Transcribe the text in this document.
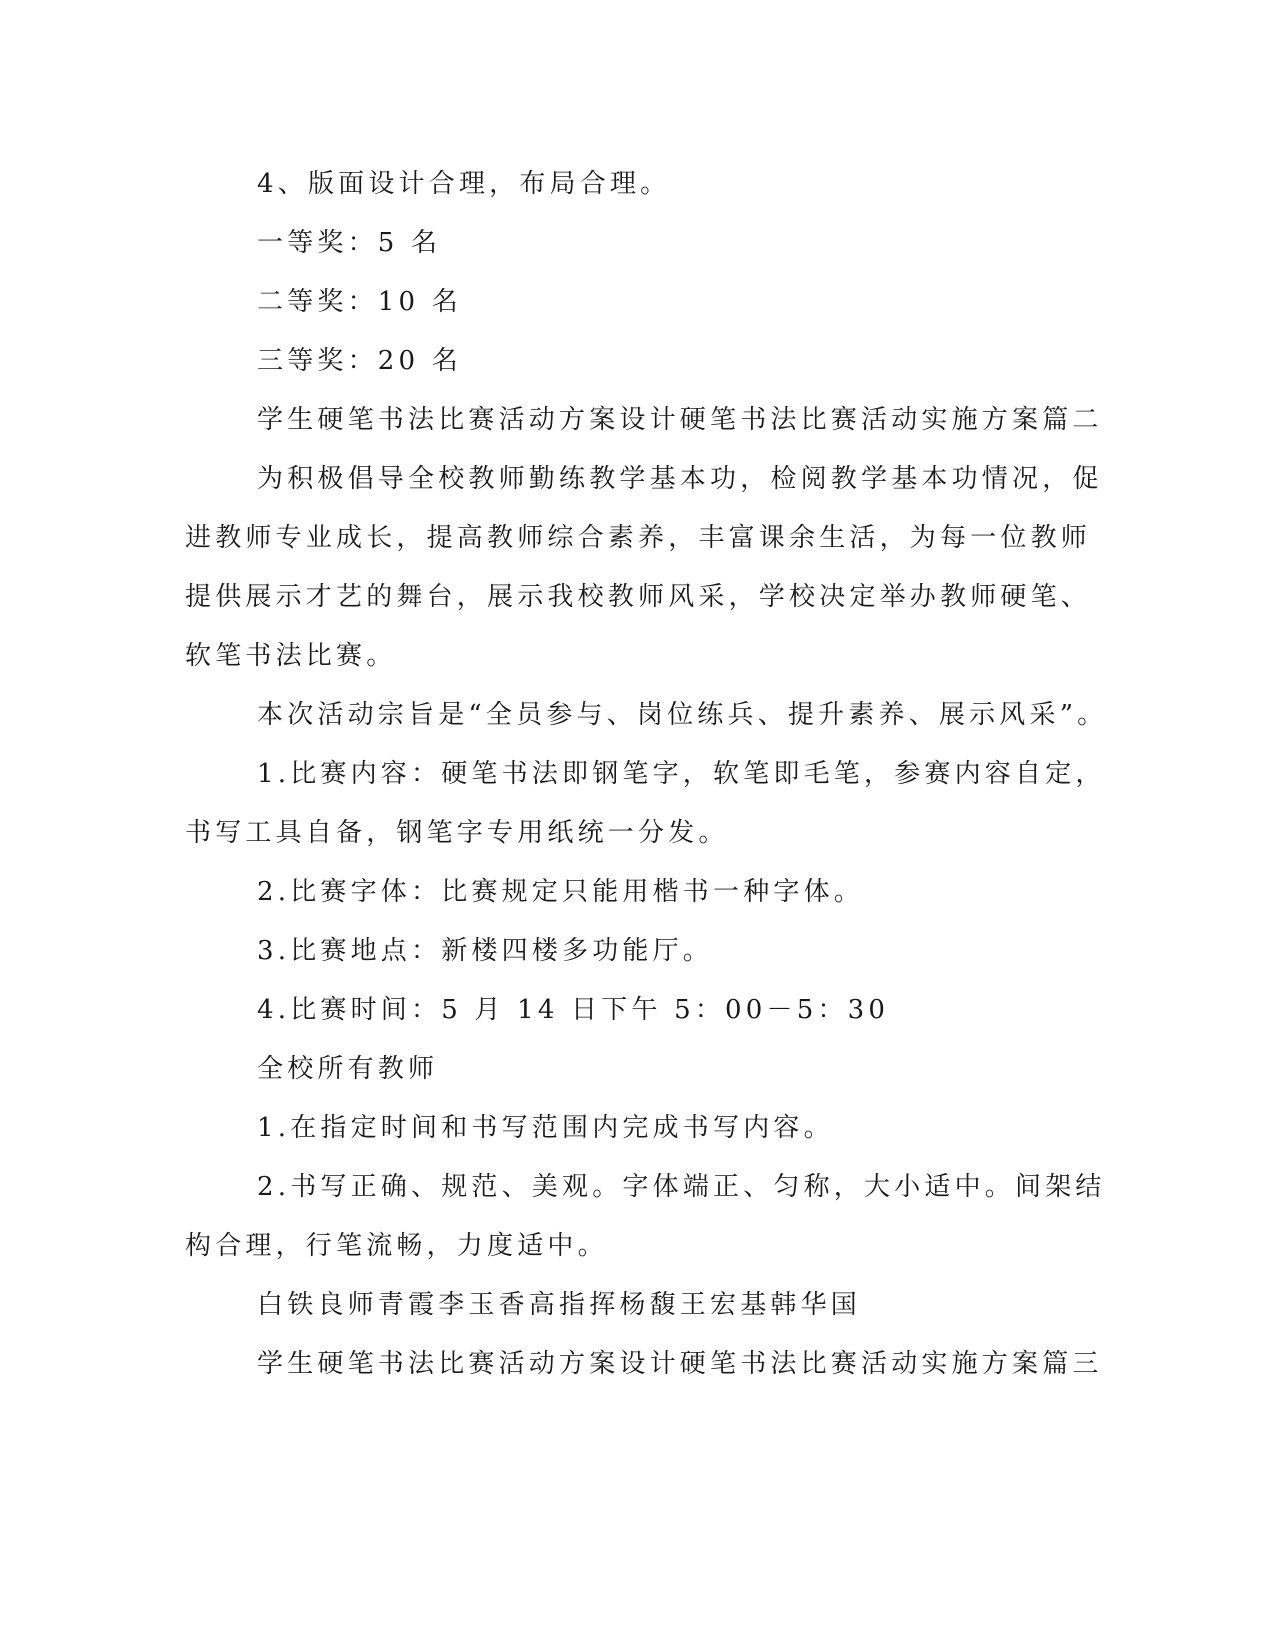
4、版面设计合理，布局合理。
一等奖：5 名
二等奖：10 名
三等奖：20 名
学生硬笔书法比赛活动方案设计硬笔书法比赛活动实施方案篇二
为积极倡导全校教师勤练教学基本功，检阅教学基本功情况，促
进教师专业成长，提高教师综合素养，丰富课余生活，为每一位教师
提供展示才艺的舞台，展示我校教师风采，学校决定举办教师硬笔、
软笔书法比赛。
本次活动宗旨是“全员参与、岗位练兵、提升素养、展示风采”。
1.比赛内容：硬笔书法即钢笔字，软笔即毛笔，参赛内容自定，
书写工具自备，钢笔字专用纸统一分发。
2.比赛字体：比赛规定只能用楷书一种字体。
3.比赛地点：新楼四楼多功能厅。
4.比赛时间：5 月 14 日下午 5：00－5：30
全校所有教师
1.在指定时间和书写范围内完成书写内容。
2.书写正确、规范、美观。字体端正、匀称，大小适中。间架结
构合理，行笔流畅，力度适中。
白铁良师青霞李玉香高指挥杨馥王宏基韩华国
学生硬笔书法比赛活动方案设计硬笔书法比赛活动实施方案篇三
